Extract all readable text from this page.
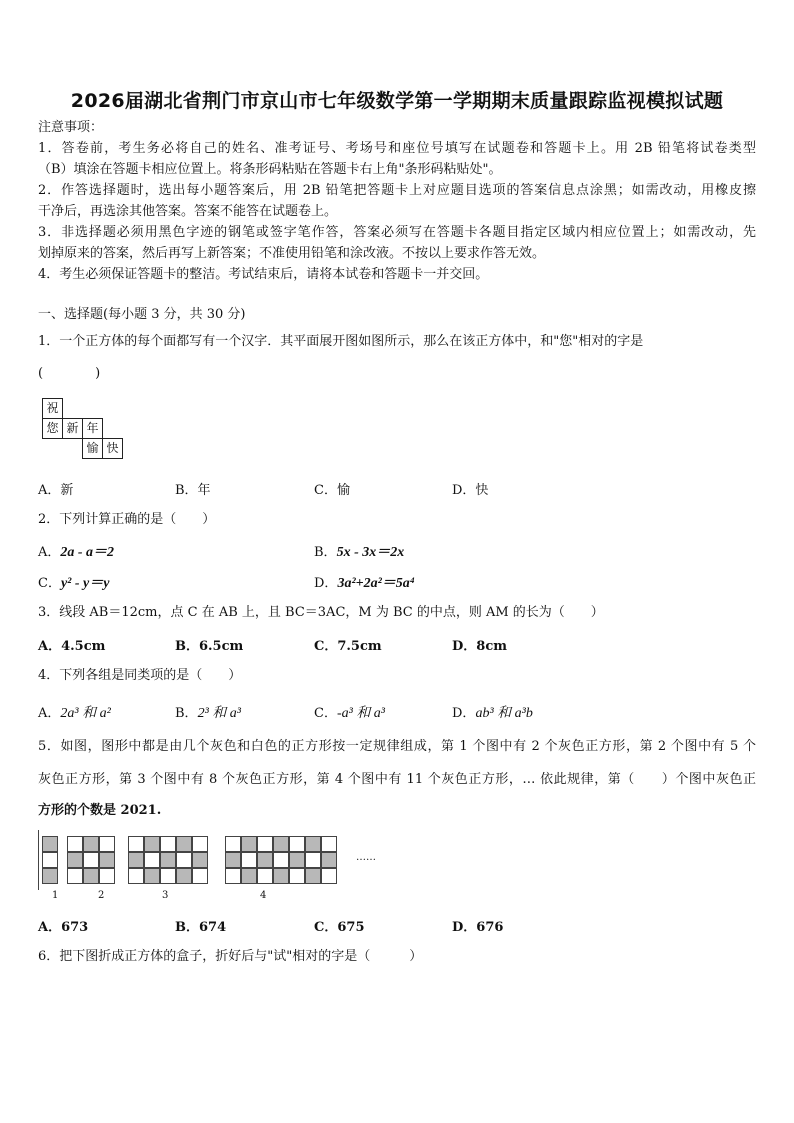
2026届湖北省荆门市京山市七年级数学第一学期期末质量跟踪监视模拟试题
注意事项：
1．答卷前，考生务必将自己的姓名、准考证号、考场号和座位号填写在试题卷和答题卡上。用 2B 铅笔将试卷类型
（B）填涂在答题卡相应位置上。将条形码粘贴在答题卡右上角"条形码粘贴处"。
2．作答选择题时，选出每小题答案后，用 2B 铅笔把答题卡上对应题目选项的答案信息点涂黑；如需改动，用橡皮擦
干净后，再选涂其他答案。答案不能答在试题卷上。
3．非选择题必须用黑色字迹的钢笔或签字笔作答，答案必须写在答题卡各题目指定区域内相应位置上；如需改动，先
划掉原来的答案，然后再写上新答案；不准使用铅笔和涂改液。不按以上要求作答无效。
4．考生必须保证答题卡的整洁。考试结束后，请将本试卷和答题卡一并交回。
一、选择题(每小题 3 分，共 30 分)
1．一个正方体的每个面都写有一个汉字．其平面展开图如图所示，那么在该正方体中，和"您"相对的字是
(　　　　)
祝
您 新 年
愉 快
A．新	B．年	C．愉	D．快
2．下列计算正确的是（　　）
A．2a - a＝2	B．5x - 3x＝2x
C．y² - y＝y	D．3a²+2a²＝5a⁴
3．线段 AB＝12cm，点 C 在 AB 上，且 BC＝3AC，M 为 BC 的中点，则 AM 的长为（　　）
A．4.5cm	B．6.5cm	C．7.5cm	D．8cm
4．下列各组是同类项的是（　　）
A．2a³ 和 a²	B．2³ 和 a³	C．-a³ 和 a³	D．ab³ 和 a³b
5．如图，图形中都是由几个灰色和白色的正方形按一定规律组成，第 1 个图中有 2 个灰色正方形，第 2 个图中有 5 个
灰色正方形，第 3 个图中有 8 个灰色正方形，第 4 个图中有 11 个灰色正方形，… 依此规律，第（　　）个图中灰色正
方形的个数是 2021.
1	2	3	4
……
A．673	B．674	C．675	D．676
6．把下图折成正方体的盒子，折好后与"试"相对的字是（　　　）
